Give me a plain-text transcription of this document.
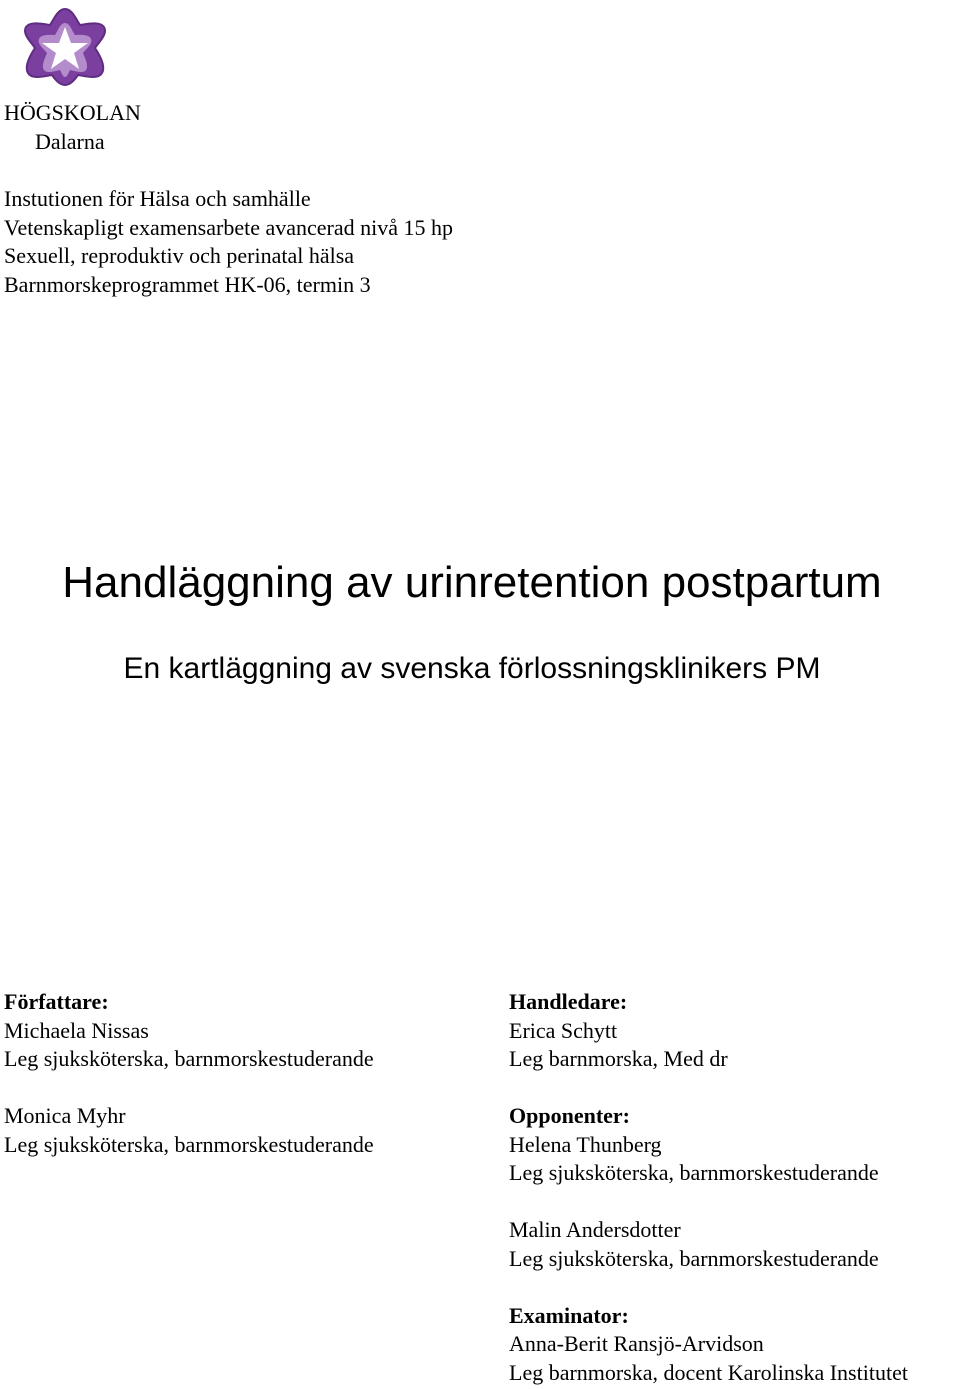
HÖGSKOLAN
Dalarna
Instutionen för Hälsa och samhälle
Vetenskapligt examensarbete avancerad nivå 15 hp
Sexuell, reproduktiv och perinatal hälsa
Barnmorskeprogrammet HK-06, termin 3
Handläggning av urinretention postpartum
En kartläggning av svenska förlossningsklinikers PM
Författare:
Michaela Nissas
Leg sjuksköterska, barnmorskestuderande
Monica Myhr
Leg sjuksköterska, barnmorskestuderande
Handledare:
Erica Schytt
Leg barnmorska, Med dr
Opponenter:
Helena Thunberg
Leg sjuksköterska, barnmorskestuderande
Malin Andersdotter
Leg sjuksköterska, barnmorskestuderande
Examinator:
Anna-Berit Ransjö-Arvidson
Leg barnmorska, docent Karolinska Institutet
